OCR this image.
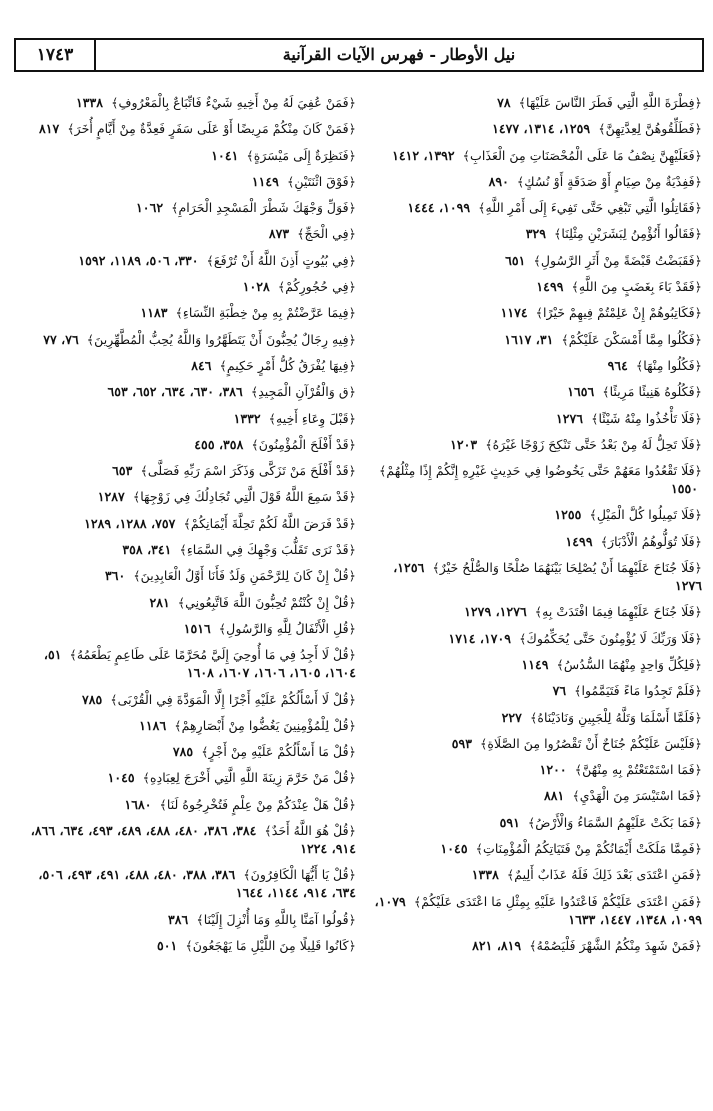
نيل الأوطار - فهرس الآيات القرآنية
١٧٤٣
﴿فِطْرَةَ اللَّهِ الَّتِي فَطَرَ النَّاسَ عَلَيْهَا﴾ ٧٨
﴿فَطَلِّقُوهُنَّ لِعِدَّتِهِنَّ﴾ ١٢٥٩، ١٣١٤، ١٤٧٧
﴿فَعَلَيْهِنَّ نِصْفُ مَا عَلَى الْمُحْصَنَاتِ مِنَ الْعَذَابِ﴾ ١٣٩٢، ١٤١٢
﴿فَفِدْيَةٌ مِنْ صِيَامٍ أَوْ صَدَقَةٍ أَوْ نُسُكٍ﴾ ٨٩٠
﴿فَقَاتِلُوا الَّتِي تَبْغِي حَتَّى تَفِيءَ إِلَى أَمْرِ اللَّهِ﴾ ١٠٩٩، ١٤٤٤
﴿فَقَالُوا أَنُؤْمِنُ لِبَشَرَيْنِ مِثْلِنَا﴾ ٣٢٩
﴿فَقَبَضْتُ قَبْضَةً مِنْ أَثَرِ الرَّسُولِ﴾ ٦٥١
﴿فَقَدْ بَاءَ بِغَضَبٍ مِنَ اللَّهِ﴾ ١٤٩٩
﴿فَكَاتِبُوهُمْ إِنْ عَلِمْتُمْ فِيهِمْ خَيْرًا﴾ ١١٧٤
﴿فَكُلُوا مِمَّا أَمْسَكْنَ عَلَيْكُمْ﴾ ٣١، ١٦١٧
﴿فَكُلُوا مِنْهَا﴾ ٩٦٤
﴿فَكُلُوهُ هَنِيئًا مَرِيئًا﴾ ١٦٥٦
﴿فَلَا تَأْخُذُوا مِنْهُ شَيْئًا﴾ ١٢٧٦
﴿فَلَا تَحِلُّ لَهُ مِنْ بَعْدُ حَتَّى تَنْكِحَ زَوْجًا غَيْرَهُ﴾ ١٢٠٣
﴿فَلَا تَقْعُدُوا مَعَهُمْ حَتَّى يَخُوضُوا فِي حَدِيثٍ غَيْرِهِ إِنَّكُمْ إِذًا مِثْلُهُمْ﴾ ١٥٥٠
﴿فَلَا تَمِيلُوا كُلَّ الْمَيْلِ﴾ ١٢٥٥
﴿فَلَا تُوَلُّوهُمُ الْأَدْبَارَ﴾ ١٤٩٩
﴿فَلَا جُنَاحَ عَلَيْهِمَا أَنْ يُصْلِحَا بَيْنَهُمَا صُلْحًا وَالصُّلْحُ خَيْرٌ﴾ ١٢٥٦، ١٢٧٦
﴿فَلَا جُنَاحَ عَلَيْهِمَا فِيمَا افْتَدَتْ بِهِ﴾ ١٢٧٦، ١٢٧٩
﴿فَلَا وَرَبِّكَ لَا يُؤْمِنُونَ حَتَّى يُحَكِّمُوكَ﴾ ١٧٠٩، ١٧١٤
﴿فَلِكُلِّ وَاحِدٍ مِنْهُمَا السُّدُسُ﴾ ١١٤٩
﴿فَلَمْ تَجِدُوا مَاءً فَتَيَمَّمُوا﴾ ٧٦
﴿فَلَمَّا أَسْلَمَا وَتَلَّهُ لِلْجَبِينِ وَنَادَيْنَاهُ﴾ ٢٢٧
﴿فَلَيْسَ عَلَيْكُمْ جُنَاحٌ أَنْ تَقْصُرُوا مِنَ الصَّلَاةِ﴾ ٥٩٣
﴿فَمَا اسْتَمْتَعْتُمْ بِهِ مِنْهُنَّ﴾ ١٢٠٠
﴿فَمَا اسْتَيْسَرَ مِنَ الْهَدْيِ﴾ ٨٨١
﴿فَمَا بَكَتْ عَلَيْهِمُ السَّمَاءُ وَالْأَرْضُ﴾ ٥٩١
﴿فَمِمَّا مَلَكَتْ أَيْمَانُكُمْ مِنْ فَتَيَاتِكُمُ الْمُؤْمِنَاتِ﴾ ١٠٤٥
﴿فَمَنِ اعْتَدَى بَعْدَ ذَلِكَ فَلَهُ عَذَابٌ أَلِيمٌ﴾ ١٣٣٨
﴿فَمَنِ اعْتَدَى عَلَيْكُمْ فَاعْتَدُوا عَلَيْهِ بِمِثْلِ مَا اعْتَدَى عَلَيْكُمْ﴾ ١٠٧٩، ١٠٩٩، ١٣٤٨، ١٤٤٧، ١٦٣٣
﴿فَمَنْ شَهِدَ مِنْكُمُ الشَّهْرَ فَلْيَصُمْهُ﴾ ٨١٩، ٨٢١
﴿فَمَنْ عُفِيَ لَهُ مِنْ أَخِيهِ شَيْءٌ فَاتِّبَاعٌ بِالْمَعْرُوفِ﴾ ١٣٣٨
﴿فَمَنْ كَانَ مِنْكُمْ مَرِيضًا أَوْ عَلَى سَفَرٍ فَعِدَّةٌ مِنْ أَيَّامٍ أُخَرَ﴾ ٨١٧
﴿فَنَظِرَةٌ إِلَى مَيْسَرَةٍ﴾ ١٠٤١
﴿فَوْقَ اثْنَتَيْنِ﴾ ١١٤٩
﴿فَوَلِّ وَجْهَكَ شَطْرَ الْمَسْجِدِ الْحَرَامِ﴾ ١٠٦٢
﴿فِي الْحَجِّ﴾ ٨٧٣
﴿فِي بُيُوتٍ أَذِنَ اللَّهُ أَنْ تُرْفَعَ﴾ ٣٣٠، ٥٠٦، ١١٨٩، ١٥٩٢
﴿فِي حُجُورِكُمْ﴾ ١٠٢٨
﴿فِيمَا عَرَّضْتُمْ بِهِ مِنْ خِطْبَةِ النِّسَاءِ﴾ ١١٨٣
﴿فِيهِ رِجَالٌ يُحِبُّونَ أَنْ يَتَطَهَّرُوا وَاللَّهُ يُحِبُّ الْمُطَّهِّرِينَ﴾ ٧٦، ٧٧
﴿فِيهَا يُفْرَقُ كُلُّ أَمْرٍ حَكِيمٍ﴾ ٨٤٦
﴿ق وَالْقُرْآنِ الْمَجِيدِ﴾ ٣٨٦، ٦٣٠، ٦٣٤، ٦٥٢، ٦٥٣
﴿قَبْلَ وِعَاءِ أَخِيهِ﴾ ١٣٣٢
﴿قَدْ أَفْلَحَ الْمُؤْمِنُونَ﴾ ٣٥٨، ٤٥٥
﴿قَدْ أَفْلَحَ مَنْ تَزَكَّى وَذَكَرَ اسْمَ رَبِّهِ فَصَلَّى﴾ ٦٥٣
﴿قَدْ سَمِعَ اللَّهُ قَوْلَ الَّتِي تُجَادِلُكَ فِي زَوْجِهَا﴾ ١٢٨٧
﴿قَدْ فَرَضَ اللَّهُ لَكُمْ تَحِلَّةَ أَيْمَانِكُمْ﴾ ٧٥٧، ١٢٨٨، ١٢٨٩
﴿قَدْ نَرَى تَقَلُّبَ وَجْهِكَ فِي السَّمَاءِ﴾ ٣٤١، ٣٥٨
﴿قُلْ إِنْ كَانَ لِلرَّحْمَنِ وَلَدٌ فَأَنَا أَوَّلُ الْعَابِدِينَ﴾ ٣٦٠
﴿قُلْ إِنْ كُنْتُمْ تُحِبُّونَ اللَّهَ فَاتَّبِعُونِي﴾ ٢٨١
﴿قُلِ الْأَنْفَالُ لِلَّهِ وَالرَّسُولِ﴾ ١٥١٦
﴿قُلْ لَا أَجِدُ فِي مَا أُوحِيَ إِلَيَّ مُحَرَّمًا عَلَى طَاعِمٍ يَطْعَمُهُ﴾ ٥١، ١٦٠٤، ١٦٠٥، ١٦٠٦، ١٦٠٧، ١٦٠٨
﴿قُلْ لَا أَسْأَلُكُمْ عَلَيْهِ أَجْرًا إِلَّا الْمَوَدَّةَ فِي الْقُرْبَى﴾ ٧٨٥
﴿قُلْ لِلْمُؤْمِنِينَ يَغُضُّوا مِنْ أَبْصَارِهِمْ﴾ ١١٨٦
﴿قُلْ مَا أَسْأَلُكُمْ عَلَيْهِ مِنْ أَجْرٍ﴾ ٧٨٥
﴿قُلْ مَنْ حَرَّمَ زِينَةَ اللَّهِ الَّتِي أَخْرَجَ لِعِبَادِهِ﴾ ١٠٤٥
﴿قُلْ هَلْ عِنْدَكُمْ مِنْ عِلْمٍ فَتُخْرِجُوهُ لَنَا﴾ ١٦٨٠
﴿قُلْ هُوَ اللَّهُ أَحَدٌ﴾ ٣٨٤، ٣٨٦، ٤٨٠، ٤٨٨، ٤٨٩، ٤٩٣، ٦٣٤، ٨٦٦، ٩١٤، ١٢٢٤
﴿قُلْ يَا أَيُّهَا الْكَافِرُونَ﴾ ٣٨٦، ٣٨٨، ٤٨٠، ٤٨٨، ٤٩١، ٤٩٣، ٥٠٦، ٦٣٤، ٩١٤، ١١٤٤، ١٦٤٤
﴿قُولُوا آمَنَّا بِاللَّهِ وَمَا أُنْزِلَ إِلَيْنَا﴾ ٣٨٦
﴿كَانُوا قَلِيلًا مِنَ اللَّيْلِ مَا يَهْجَعُونَ﴾ ٥٠١
